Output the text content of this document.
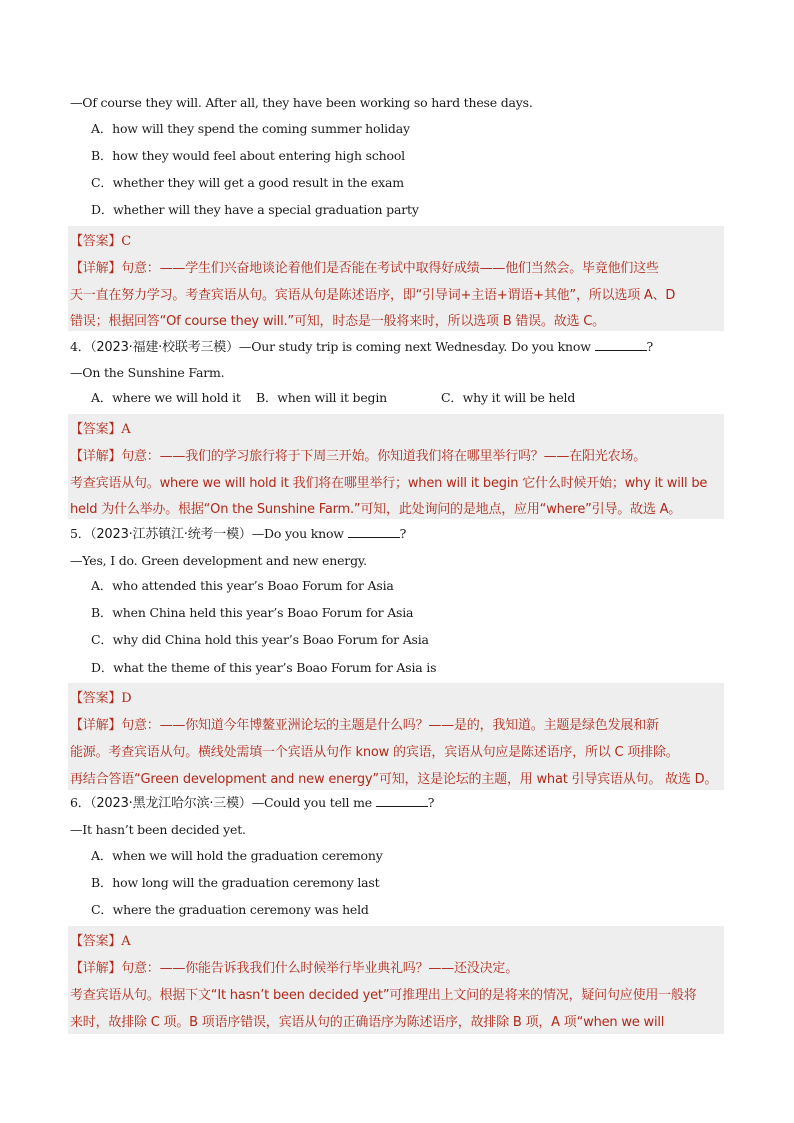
—Of course they will. After all, they have been working so hard these days.
A．how will they spend the coming summer holiday
B．how they would feel about entering high school
C．whether they will get a good result in the exam
D．whether will they have a special graduation party
【答案】C
【详解】句意：——学生们兴奋地谈论着他们是否能在考试中取得好成绩——他们当然会。毕竟他们这些
天一直在努力学习。考查宾语从句。宾语从句是陈述语序，即“引导词+主语+谓语+其他”，所以选项 A、D
错误；根据回答“Of course they will.”可知，时态是一般将来时，所以选项 B 错误。故选 C。
4．（2023·福建·校联考三模）—Our study trip is coming next Wednesday. Do you know	?
—On the Sunshine Farm.
A．where we will hold it B．when will it begin	C．why it will be held
【答案】A
【详解】句意：——我们的学习旅行将于下周三开始。你知道我们将在哪里举行吗？——在阳光农场。
考查宾语从句。where we will hold it 我们将在哪里举行；when will it begin 它什么时候开始；why it will be
held 为什么举办。根据“On the Sunshine Farm.”可知，此处询问的是地点，应用“where”引导。故选 A。
5．（2023·江苏镇江·统考一模）—Do you know	?
—Yes, I do. Green development and new energy.
A．who attended this year’s Boao Forum for Asia
B．when China held this year’s Boao Forum for Asia
C．why did China hold this year’s Boao Forum for Asia
D．what the theme of this year’s Boao Forum for Asia is
【答案】D
【详解】句意：——你知道今年博鳌亚洲论坛的主题是什么吗？——是的，我知道。主题是绿色发展和新
能源。考查宾语从句。横线处需填一个宾语从句作 know 的宾语，宾语从句应是陈述语序，所以 C 项排除。
再结合答语“Green development and new energy”可知，这是论坛的主题，用 what 引导宾语从句。 故选 D。
6．（2023·黑龙江哈尔滨·三模）—Could you tell me	?
—It hasn’t been decided yet.
A．when we will hold the graduation ceremony
B．how long will the graduation ceremony last
C．where the graduation ceremony was held
【答案】A
【详解】句意：——你能告诉我我们什么时候举行毕业典礼吗？——还没决定。
考查宾语从句。根据下文“It hasn’t been decided yet”可推理出上文问的是将来的情况，疑问句应使用一般将
来时，故排除 C 项。B 项语序错误，宾语从句的正确语序为陈述语序，故排除 B 项，A 项“when we will
